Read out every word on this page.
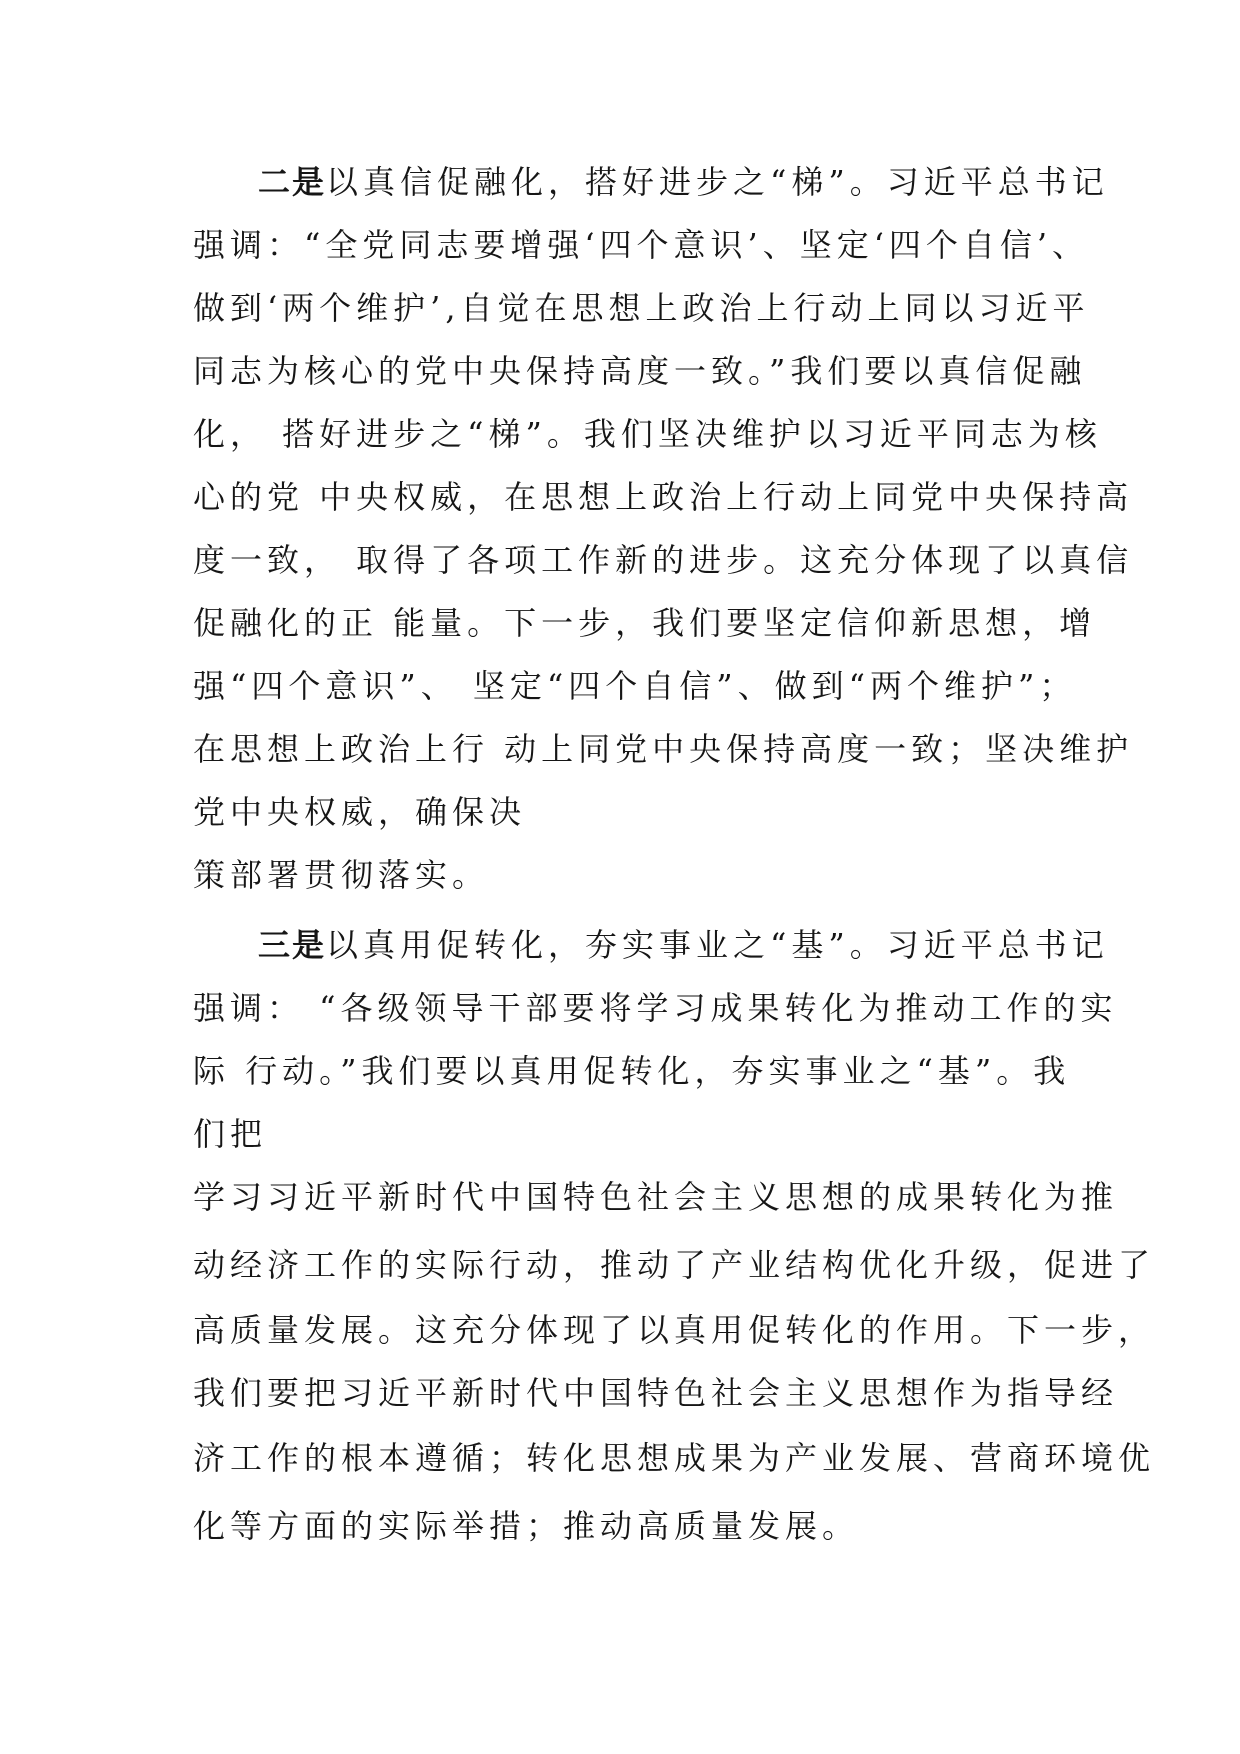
二是以真信促融化，搭好进步之“梯”。习近平总书记
强调：“全党同志要增强‘四个意识’、坚定‘四个自信’、
做到‘两个维护’,自觉在思想上政治上行动上同以习近平
同志为核心的党中央保持高度一致。”我们要以真信促融
化， 搭好进步之“梯”。我们坚决维护以习近平同志为核
心的党 中央权威，在思想上政治上行动上同党中央保持高
度一致， 取得了各项工作新的进步。这充分体现了以真信
促融化的正 能量。下一步，我们要坚定信仰新思想，增
强“四个意识”、 坚定“四个自信”、做到“两个维护”；
在思想上政治上行 动上同党中央保持高度一致；坚决维护
党中央权威，确保决
策部署贯彻落实。
三是以真用促转化，夯实事业之“基”。习近平总书记
强调： “各级领导干部要将学习成果转化为推动工作的实
际 行动。”我们要以真用促转化，夯实事业之“基”。我
们把
学习习近平新时代中国特色社会主义思想的成果转化为推
动经济工作的实际行动，推动了产业结构优化升级，促进了
高质量发展。这充分体现了以真用促转化的作用。下一步，
我们要把习近平新时代中国特色社会主义思想作为指导经
济工作的根本遵循；转化思想成果为产业发展、营商环境优
化等方面的实际举措；推动高质量发展。
